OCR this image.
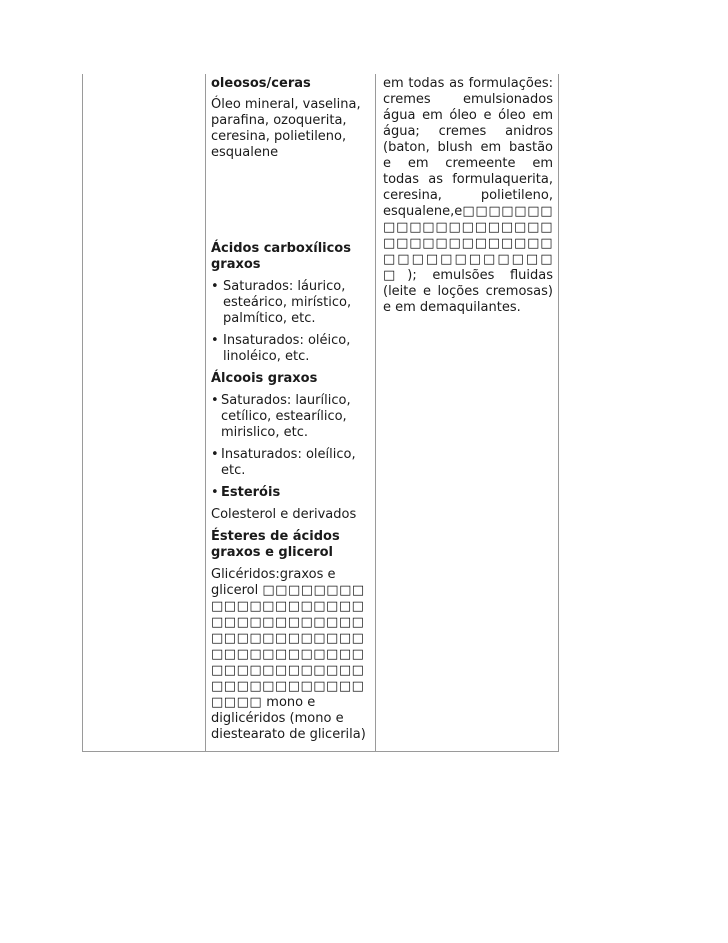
oleosos/ceras

Óleo mineral, vaselina, parafina, ozoquerita, ceresina, polietileno, esqualene

Ácidos carboxílicos graxos

• Saturados: láurico, esteárico, mirístico, palmítico, etc.
• Insaturados: oléico, linoléico, etc.

Álcoois graxos

• Saturados: laurílico, cetílico, estearílico, mirislico, etc.
• Insaturados: oleílico, etc.
• Esteróis

Colesterol e derivados

Ésteres de ácidos graxos e glicerol

Glicéridos:graxos e glicerol □□□□□□□□□□□□□□□□□□□□□□□□□□□□□□□□□□□□□□□□□□□□□□□□□□□□□□□□□□□□□□□□□□□□□□□□□□□□□□□□□□□□ mono e diglicéridos (mono e diestearato de glicerila)

em todas as formulações: cremes emulsionados água em óleo e óleo em água; cremes anidros (baton, blush em bastão e em cremeente em todas as formulaquerita, ceresina, polietileno, esqualene,e□□□□□□□□□□□□□□□□□□□□□□□□□□□□□□□□□□□□□□□□□□□□□□); emulsões fluidas (leite e loções cremosas) e em demaquilantes.
